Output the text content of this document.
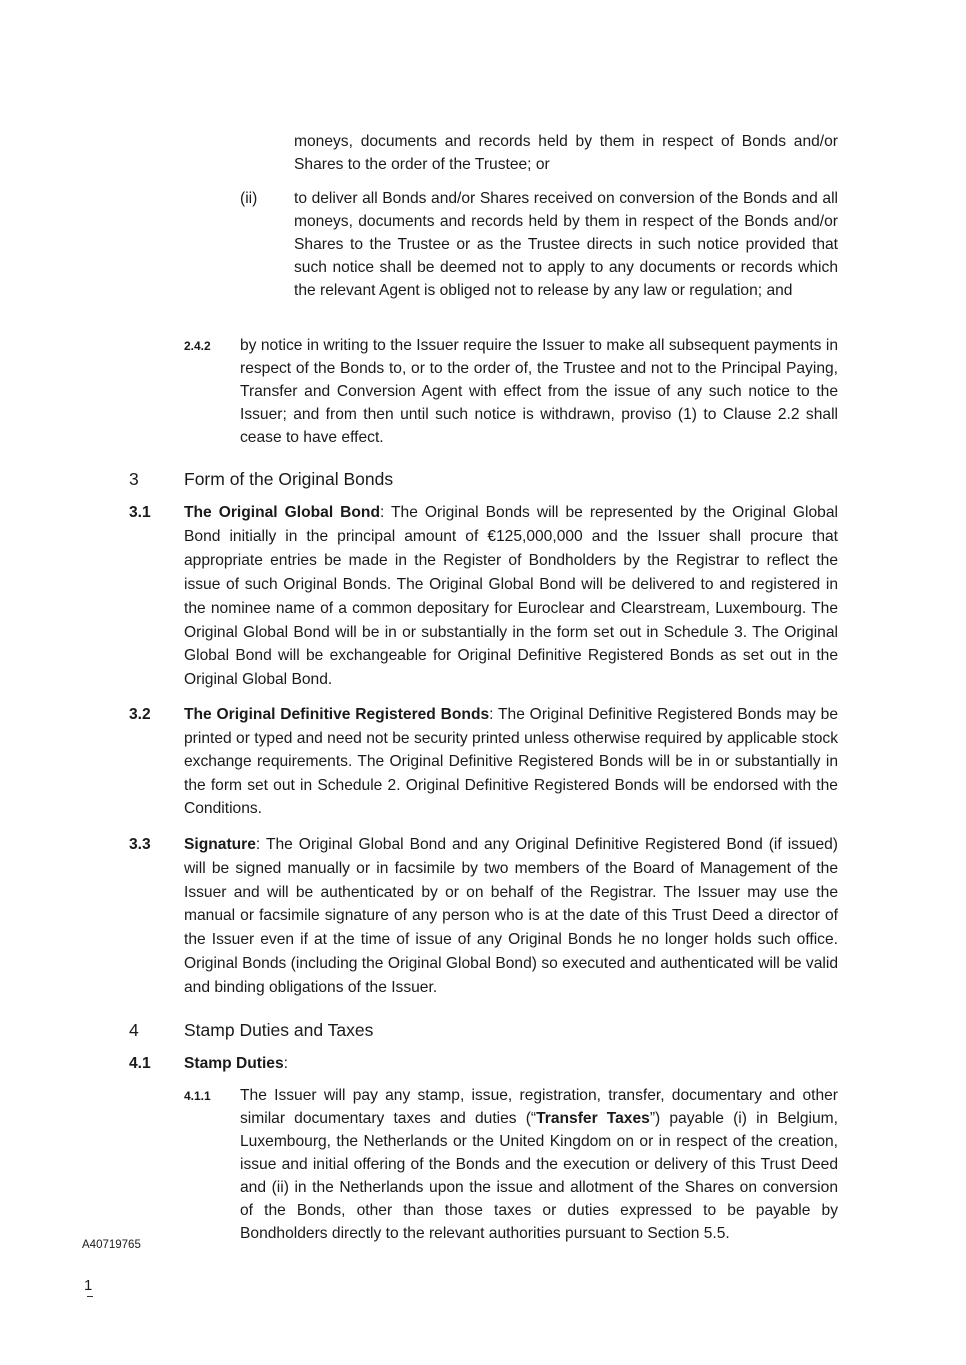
moneys, documents and records held by them in respect of Bonds and/or Shares to the order of the Trustee; or
(ii) to deliver all Bonds and/or Shares received on conversion of the Bonds and all moneys, documents and records held by them in respect of the Bonds and/or Shares to the Trustee or as the Trustee directs in such notice provided that such notice shall be deemed not to apply to any documents or records which the relevant Agent is obliged not to release by any law or regulation; and
2.4.2 by notice in writing to the Issuer require the Issuer to make all subsequent payments in respect of the Bonds to, or to the order of, the Trustee and not to the Principal Paying, Transfer and Conversion Agent with effect from the issue of any such notice to the Issuer; and from then until such notice is withdrawn, proviso (1) to Clause 2.2 shall cease to have effect.
3	Form of the Original Bonds
3.1 The Original Global Bond: The Original Bonds will be represented by the Original Global Bond initially in the principal amount of €125,000,000 and the Issuer shall procure that appropriate entries be made in the Register of Bondholders by the Registrar to reflect the issue of such Original Bonds. The Original Global Bond will be delivered to and registered in the nominee name of a common depositary for Euroclear and Clearstream, Luxembourg. The Original Global Bond will be in or substantially in the form set out in Schedule 3. The Original Global Bond will be exchangeable for Original Definitive Registered Bonds as set out in the Original Global Bond.
3.2 The Original Definitive Registered Bonds: The Original Definitive Registered Bonds may be printed or typed and need not be security printed unless otherwise required by applicable stock exchange requirements. The Original Definitive Registered Bonds will be in or substantially in the form set out in Schedule 2. Original Definitive Registered Bonds will be endorsed with the Conditions.
3.3 Signature: The Original Global Bond and any Original Definitive Registered Bond (if issued) will be signed manually or in facsimile by two members of the Board of Management of the Issuer and will be authenticated by or on behalf of the Registrar. The Issuer may use the manual or facsimile signature of any person who is at the date of this Trust Deed a director of the Issuer even if at the time of issue of any Original Bonds he no longer holds such office. Original Bonds (including the Original Global Bond) so executed and authenticated will be valid and binding obligations of the Issuer.
4	Stamp Duties and Taxes
4.1 Stamp Duties:
4.1.1 The Issuer will pay any stamp, issue, registration, transfer, documentary and other similar documentary taxes and duties (“Transfer Taxes”) payable (i) in Belgium, Luxembourg, the Netherlands or the United Kingdom on or in respect of the creation, issue and initial offering of the Bonds and the execution or delivery of this Trust Deed and (ii) in the Netherlands upon the issue and allotment of the Shares on conversion of the Bonds, other than those taxes or duties expressed to be payable by Bondholders directly to the relevant authorities pursuant to Section 5.5.
A40719765
1
